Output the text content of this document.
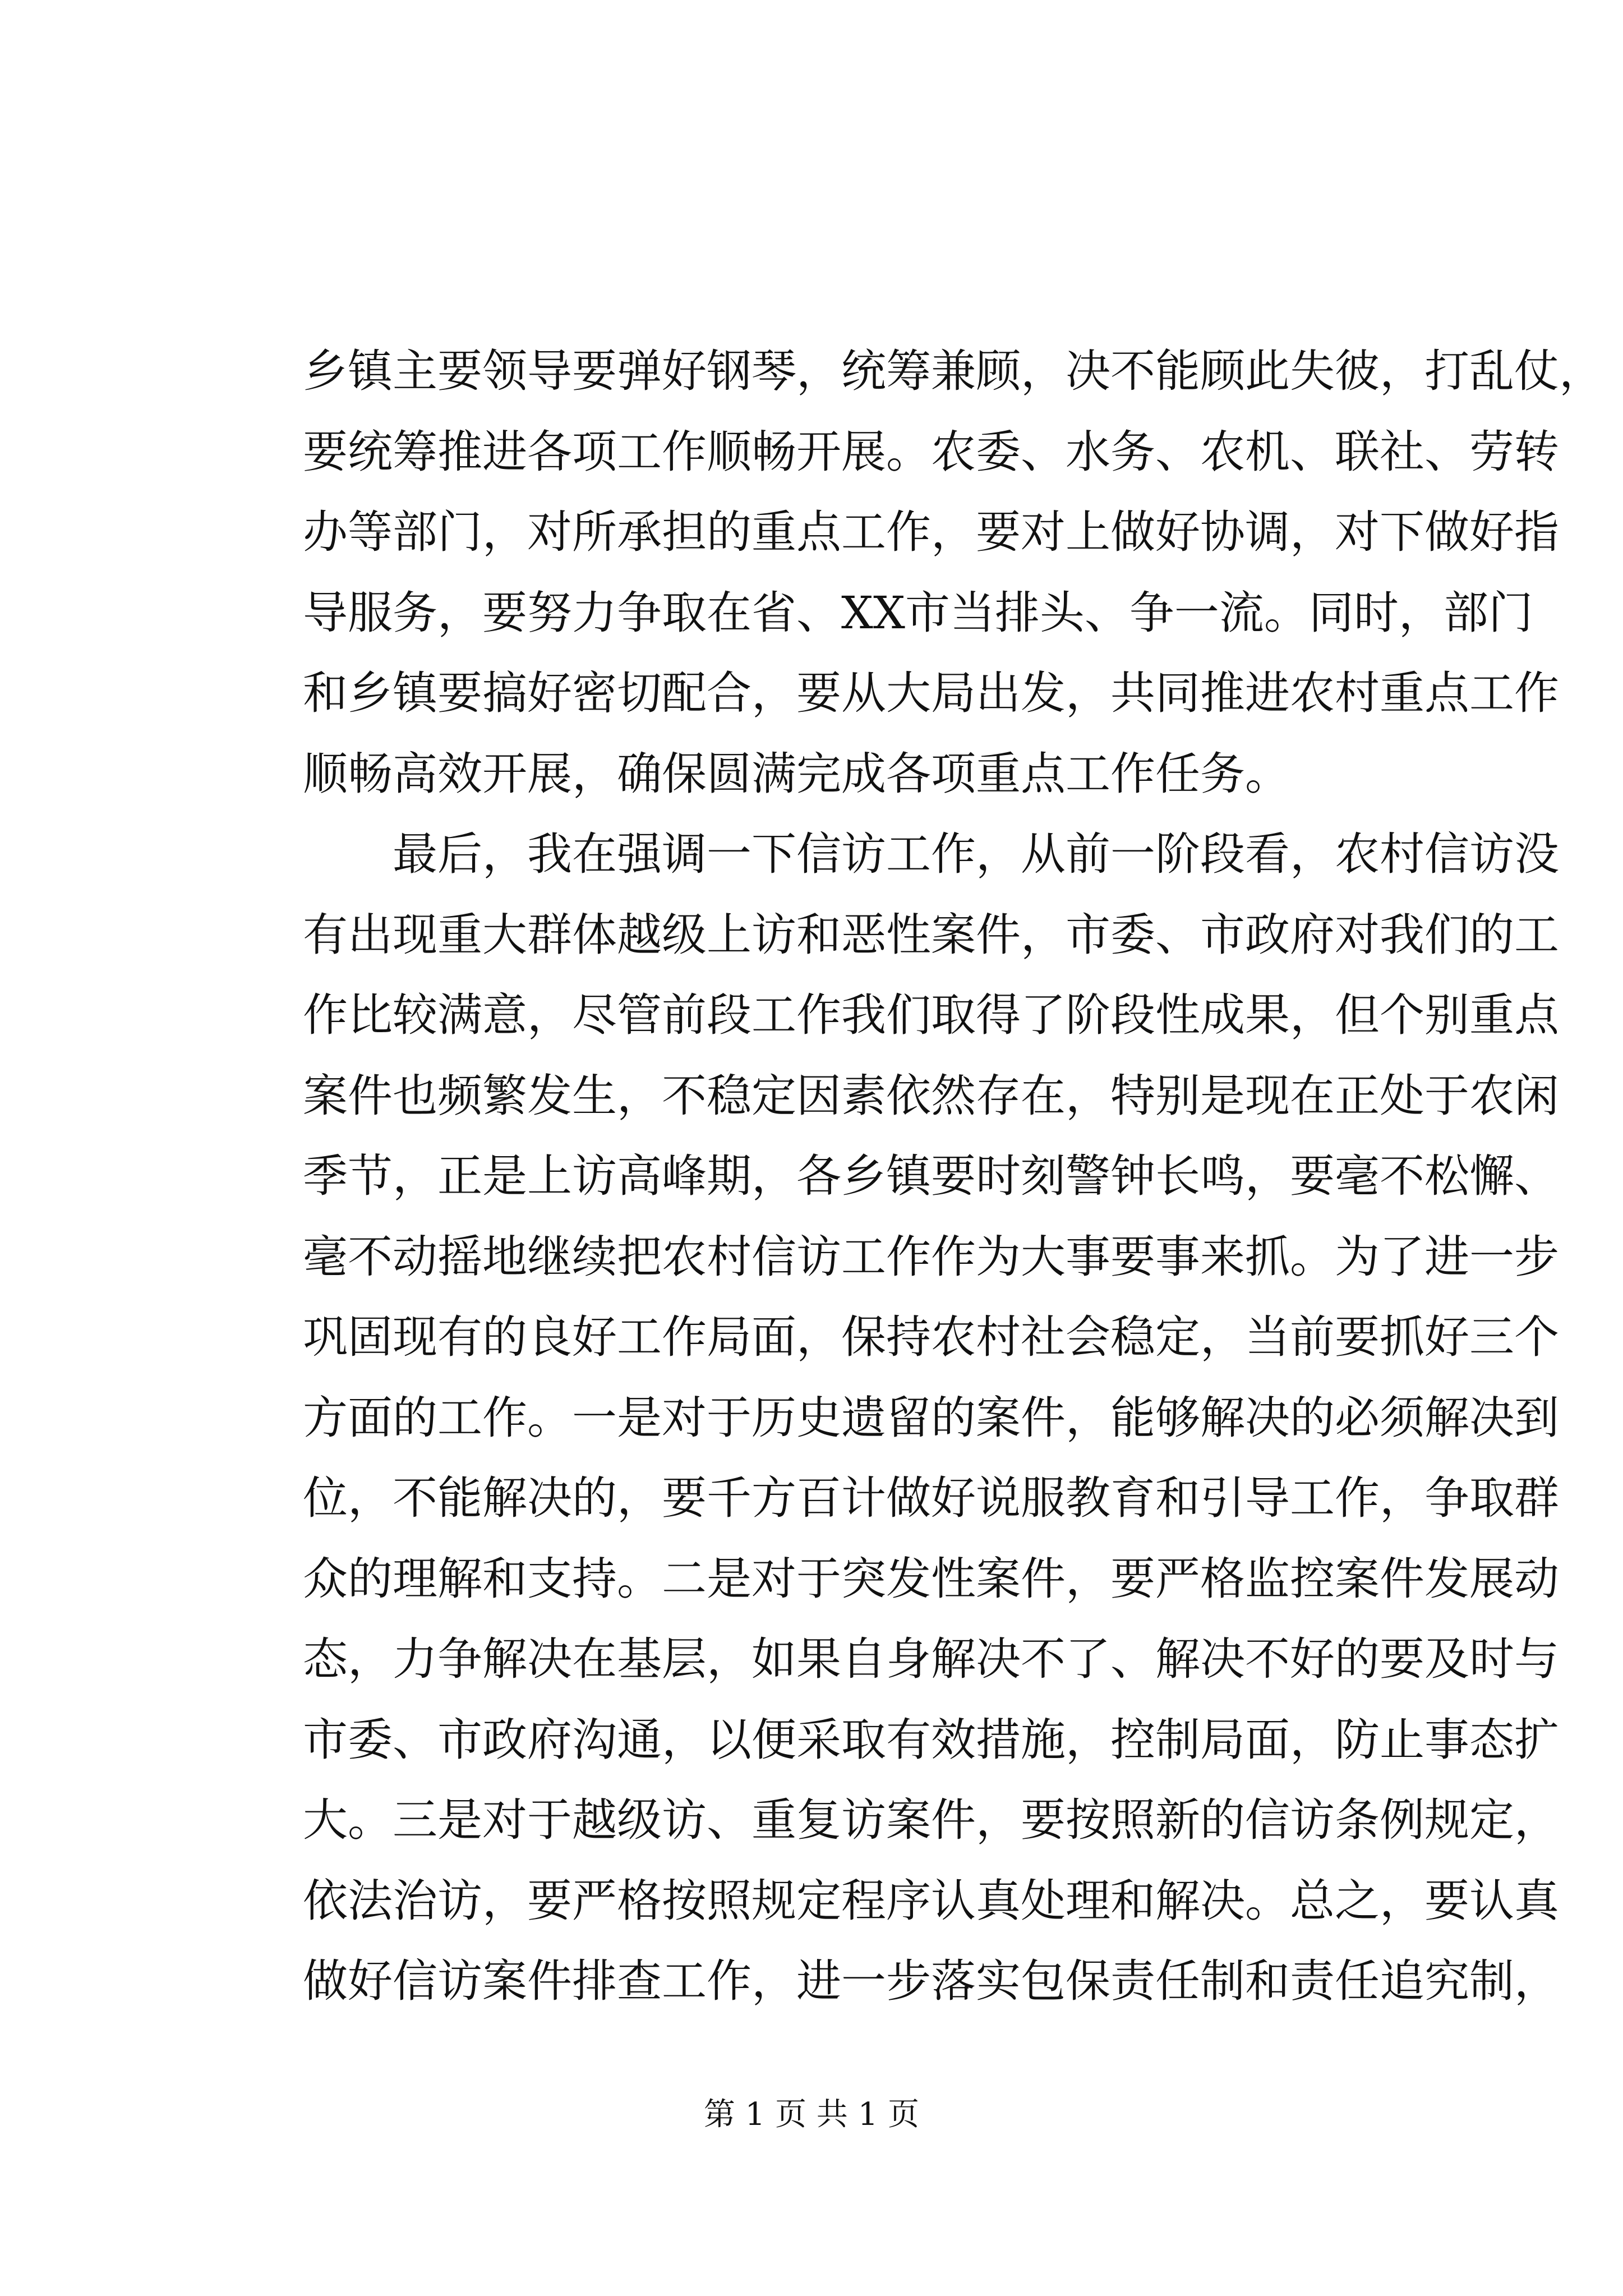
乡镇主要领导要弹好钢琴，统筹兼顾，决不能顾此失彼，打乱仗，
要统筹推进各项工作顺畅开展。农委、水务、农机、联社、劳转
办等部门，对所承担的重点工作，要对上做好协调，对下做好指
导服务，要努力争取在省、XX市当排头、争一流。同时，部门
和乡镇要搞好密切配合，要从大局出发，共同推进农村重点工作
顺畅高效开展，确保圆满完成各项重点工作任务。
最后，我在强调一下信访工作，从前一阶段看，农村信访没
有出现重大群体越级上访和恶性案件，市委、市政府对我们的工
作比较满意，尽管前段工作我们取得了阶段性成果，但个别重点
案件也频繁发生，不稳定因素依然存在，特别是现在正处于农闲
季节，正是上访高峰期，各乡镇要时刻警钟长鸣，要毫不松懈、
毫不动摇地继续把农村信访工作作为大事要事来抓。为了进一步
巩固现有的良好工作局面，保持农村社会稳定，当前要抓好三个
方面的工作。一是对于历史遗留的案件，能够解决的必须解决到
位，不能解决的，要千方百计做好说服教育和引导工作，争取群
众的理解和支持。二是对于突发性案件，要严格监控案件发展动
态，力争解决在基层，如果自身解决不了、解决不好的要及时与
市委、市政府沟通，以便采取有效措施，控制局面，防止事态扩
大。三是对于越级访、重复访案件，要按照新的信访条例规定，
依法治访，要严格按照规定程序认真处理和解决。总之，要认真
做好信访案件排查工作，进一步落实包保责任制和责任追究制，
第 1 页 共 1 页
